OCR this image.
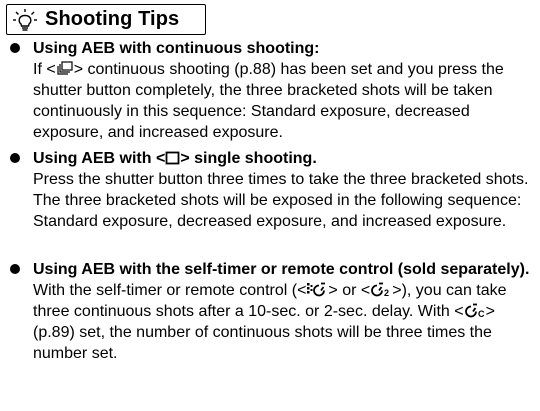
Shooting Tips

Using AEB with continuous shooting:

If < > continuous shooting (p.88) has been set and you press the shutter button completely, the three bracketed shots will be taken continuously in this sequence: Standard exposure, decreased exposure, and increased exposure.

Using AEB with < > single shooting.

Press the shutter button three times to take the three bracketed shots. The three bracketed shots will be exposed in the following sequence: Standard exposure, decreased exposure, and increased exposure.

Using AEB with the self-timer or remote control (sold separately).

With the self-timer or remote control (< > or < 2 >), you can take three continuous shots after a 10-sec. or 2-sec. delay. With < C > (p.89) set, the number of continuous shots will be three times the number set.
